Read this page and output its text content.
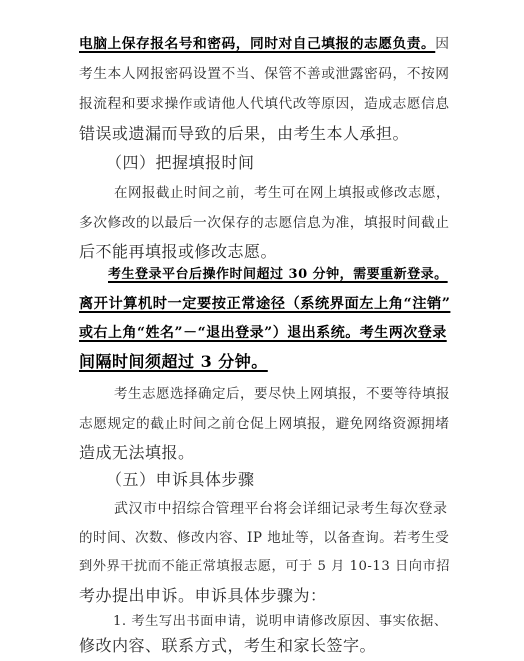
电脑上保存报名号和密码，同时对自己填报的志愿负责。因
考生本人网报密码设置不当、保管不善或泄露密码，不按网
报流程和要求操作或请他人代填代改等原因，造成志愿信息
错误或遗漏而导致的后果，由考生本人承担。
（四）把握填报时间
在网报截止时间之前，考生可在网上填报或修改志愿，
多次修改的以最后一次保存的志愿信息为准，填报时间截止
后不能再填报或修改志愿。
考生登录平台后操作时间超过 30 分钟，需要重新登录。
离开计算机时一定要按正常途径（系统界面左上角“注销”
或右上角“姓名”－“退出登录”）退出系统。考生两次登录
间隔时间须超过 3 分钟。
考生志愿选择确定后，要尽快上网填报，不要等待填报
志愿规定的截止时间之前仓促上网填报，避免网络资源拥堵
造成无法填报。
（五）申诉具体步骤
武汉市中招综合管理平台将会详细记录考生每次登录
的时间、次数、修改内容、IP 地址等，以备查询。若考生受
到外界干扰而不能正常填报志愿，可于 5 月 10-13 日向市招
考办提出申诉。申诉具体步骤为：
1. 考生写出书面申请，说明申请修改原因、事实依据、
修改内容、联系方式，考生和家长签字。
